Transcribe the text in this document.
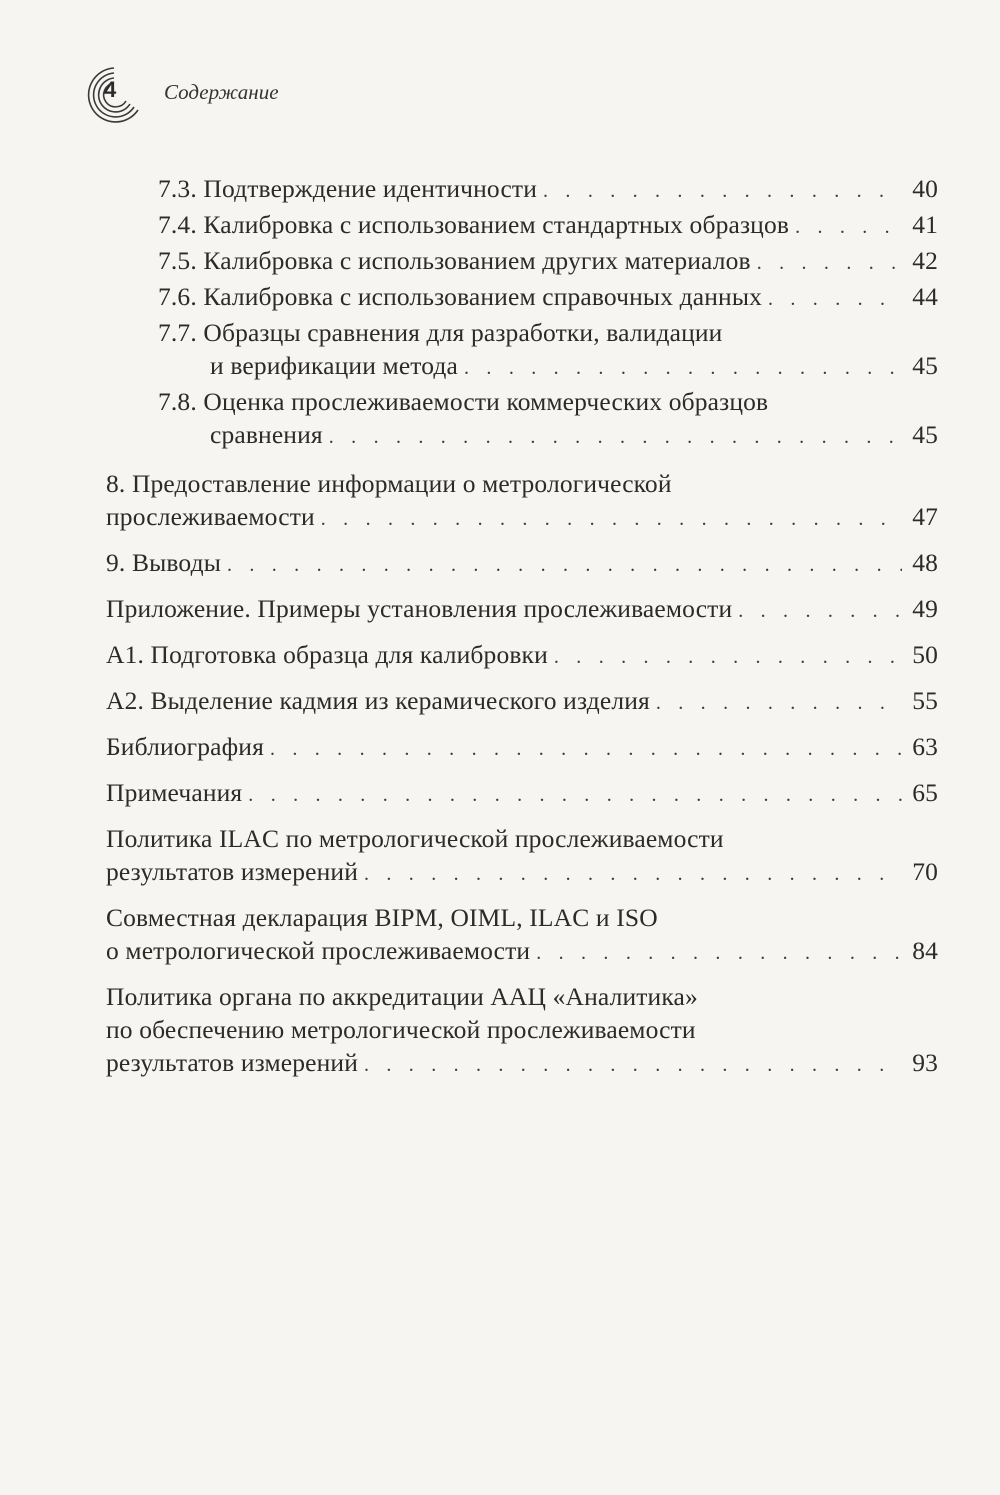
4 Содержание
7.3. Подтверждение идентичности . . .	40
7.4. Калибровка с использованием стандартных образцов . . .	41
7.5. Калибровка с использованием других материалов . . .	42
7.6. Калибровка с использованием справочных данных . . .	44
7.7. Образцы сравнения для разработки, валидации
и верификации метода . . .	45
7.8. Оценка прослеживаемости коммерческих образцов
сравнения . . .	45
8. Предоставление информации о метрологической
прослеживаемости . . .	47
9. Выводы . . .	48
Приложение. Примеры установления прослеживаемости . . .	49
А1. Подготовка образца для калибровки . . .	50
А2. Выделение кадмия из керамического изделия . . .	55
Библиография . . .	63
Примечания . . .	65
Политика ILAC по метрологической прослеживаемости
результатов измерений . . .	70
Совместная декларация BIPM, OIML, ILAC и ISO
о метрологической прослеживаемости . . .	84
Политика органа по аккредитации ААЦ «Аналитика»
по обеспечению метрологической прослеживаемости
результатов измерений . . .	93
